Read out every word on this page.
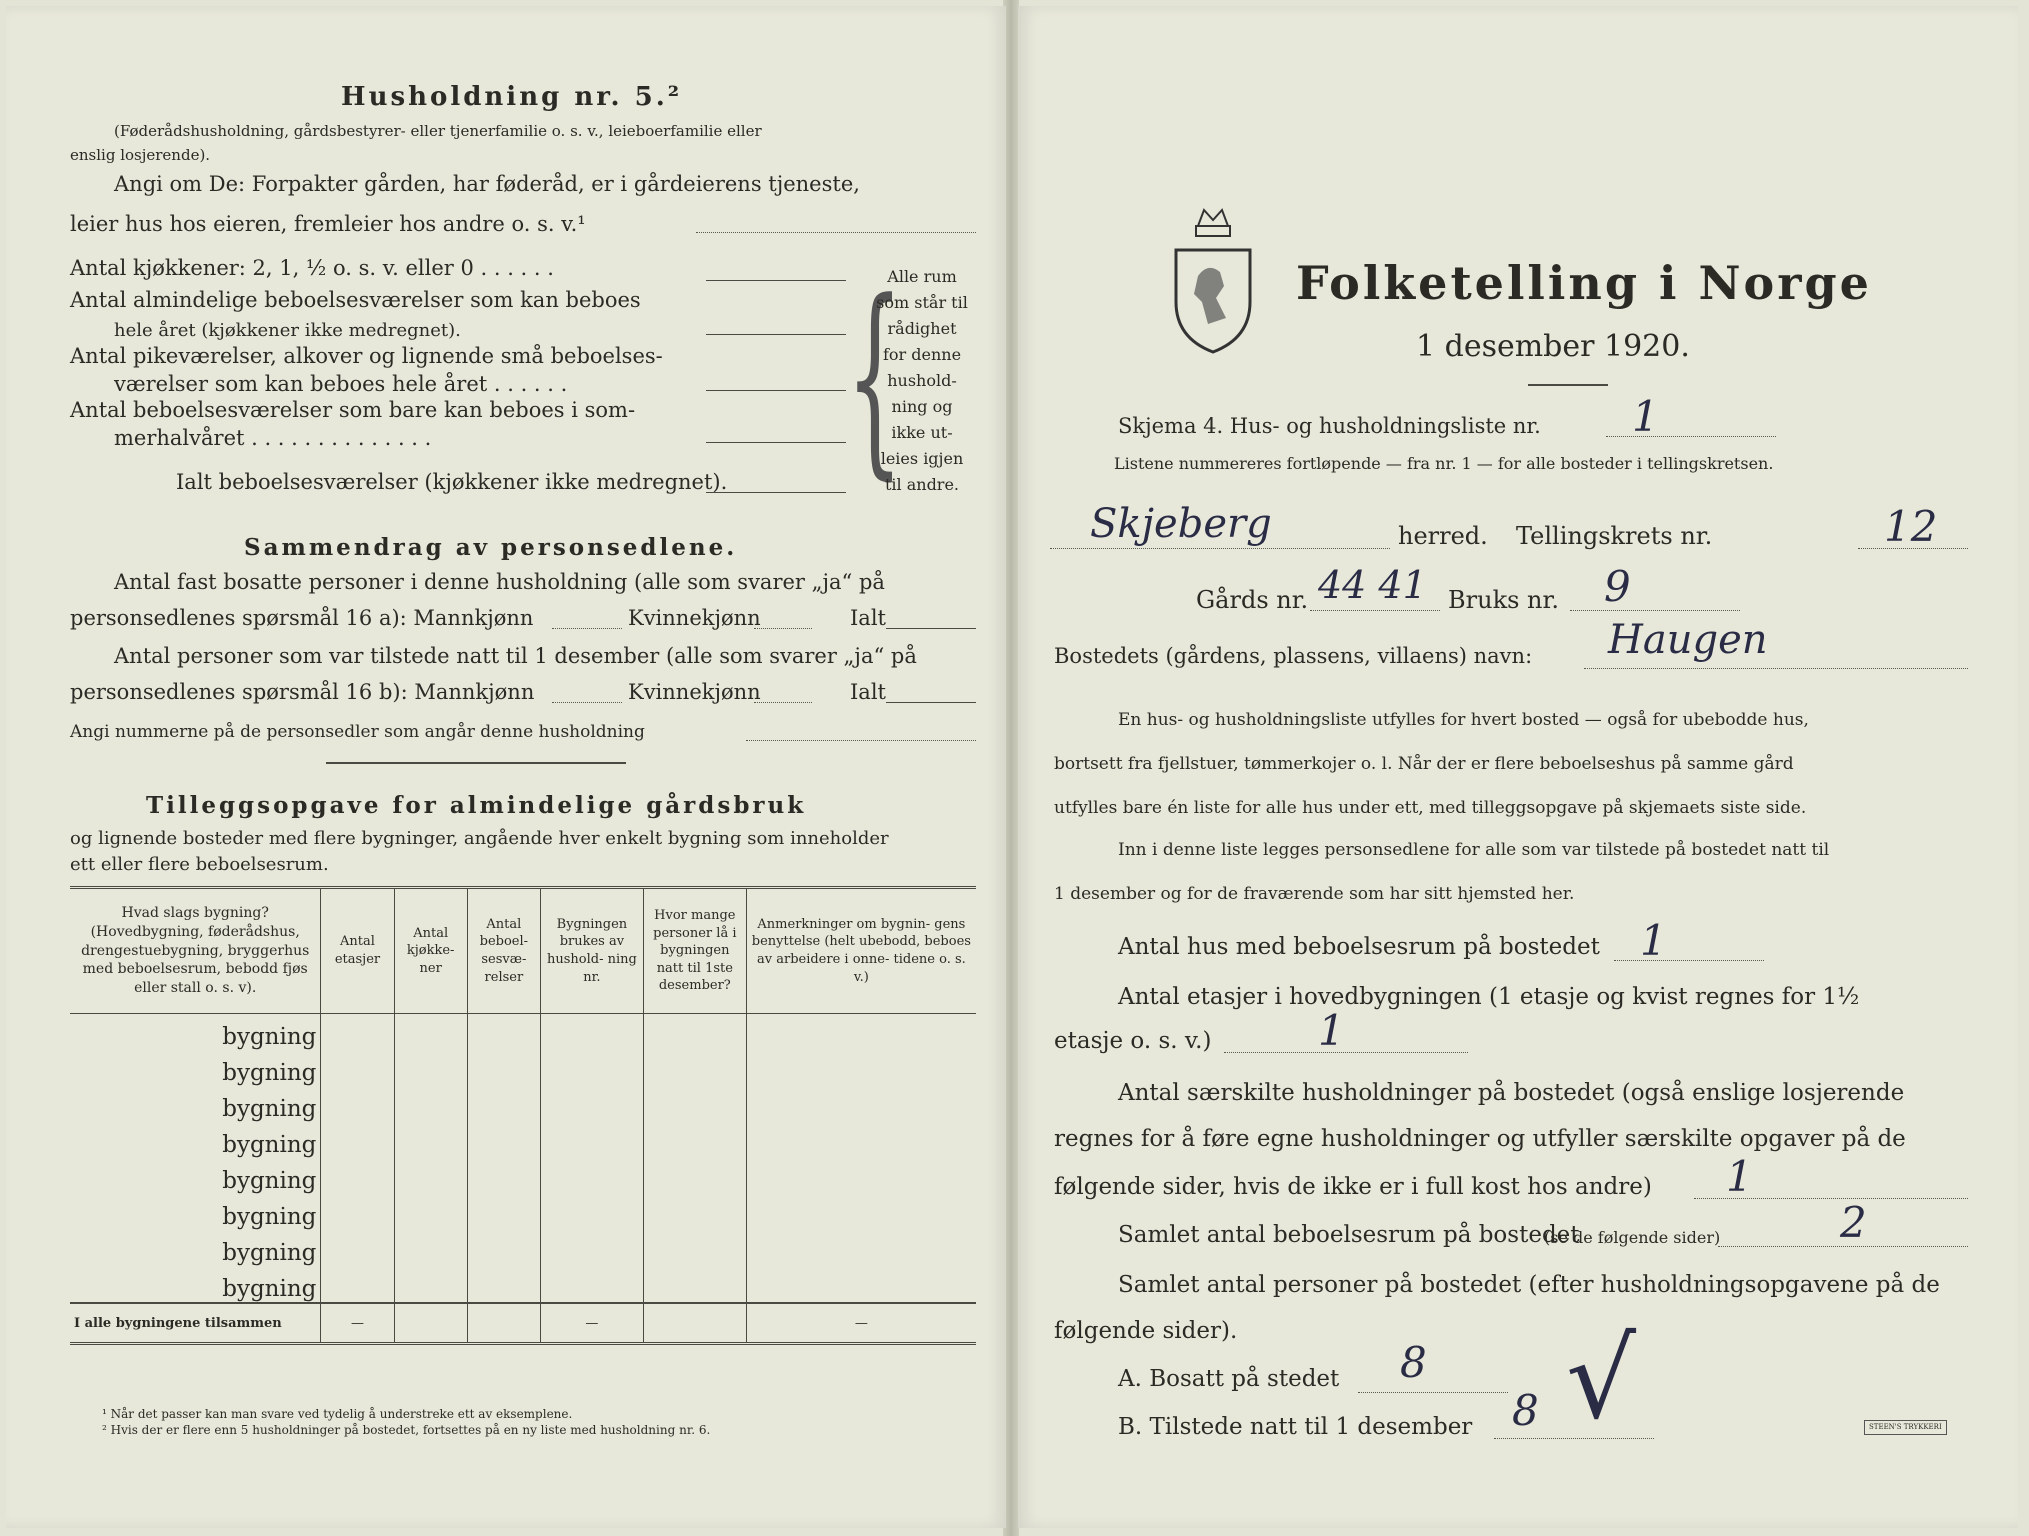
Husholdning nr. 5.²
(Føderådshusholdning, gårdsbestyrer- eller tjenerfamilie o. s. v., leieboerfamilie eller
enslig losjerende).
Angi om De: Forpakter gården, har føderåd, er i gårdeierens tjeneste,
leier hus hos eieren, fremleier hos andre o. s. v.¹
Antal kjøkkener: 2, 1, ½ o. s. v. eller 0 . . . . . .
Antal almindelige beboelsesværelser som kan beboes
hele året (kjøkkener ikke medregnet).
Antal pikeværelser, alkover og lignende små beboelses-
værelser som kan beboes hele året . . . . . .
Antal beboelsesværelser som bare kan beboes i som-
merhalvåret . . . . . . . . . . . . . .
Ialt beboelsesværelser (kjøkkener ikke medregnet). {
Alle rum
som står til
rådighet
for denne
hushold-
ning og
ikke ut-
leies igjen
til andre.
Sammendrag av personsedlene.
Antal fast bosatte personer i denne husholdning (alle som svarer „ja“ på
personsedlenes spørsmål 16 a): Mannkjønn	Kvinnekjønn	Ialt
Antal personer som var tilstede natt til 1 desember (alle som svarer „ja“ på
personsedlenes spørsmål 16 b): Mannkjønn	Kvinnekjønn	Ialt
Angi nummerne på de personsedler som angår denne husholdning
Tilleggsopgave for almindelige gårdsbruk
og lignende bosteder med flere bygninger, angående hver enkelt bygning som inneholder
ett eller flere beboelsesrum.
Hvad slags bygning?
(Hovedbygning, føderådshus, drengestuebygning, bryggerhus med beboelsesrum, bebodd fjøs eller stall o. s. v).	Antal etasjer	Antal kjøkke- ner	Antal beboel- sesvæ- relser	Bygningen brukes av hushold- ning nr.	Hvor mange personer lå i bygningen natt til 1ste desember?	Anmerkninger om bygnin- gens benyttelse (helt ubebodd, beboes av arbeidere i onne- tidene o. s. v.)
bygning						
bygning						
bygning						
bygning						
bygning						
bygning						
bygning						
bygning						
I alle bygningene tilsammen	—			—		—
¹ Når det passer kan man svare ved tydelig å understreke ett av eksemplene.
² Hvis der er flere enn 5 husholdninger på bostedet, fortsettes på en ny liste med husholdning nr. 6.
Folketelling i Norge
1 desember 1920.
Skjema 4. Hus- og husholdningsliste nr. 1
Listene nummereres fortløpende — fra nr. 1 — for alle bosteder i tellingskretsen.
Skjeberg	herred. Tellingskrets nr.	12
Gårds nr. 44 41 Bruks nr. 9
Bostedets (gårdens, plassens, villaens) navn: Haugen
En hus- og husholdningsliste utfylles for hvert bosted — også for ubebodde hus,
bortsett fra fjellstuer, tømmerkojer o. l. Når der er flere beboelseshus på samme gård
utfylles bare én liste for alle hus under ett, med tilleggsopgave på skjemaets siste side.
Inn i denne liste legges personsedlene for alle som var tilstede på bostedet natt til
1 desember og for de fraværende som har sitt hjemsted her.
Antal hus med beboelsesrum på bostedet 1
Antal etasjer i hovedbygningen (1 etasje og kvist regnes for 1½
etasje o. s. v.)	1
Antal særskilte husholdninger på bostedet (også enslige losjerende
regnes for å føre egne husholdninger og utfyller særskilte opgaver på de
følgende sider, hvis de ikke er i full kost hos andre) 1
Samlet antal beboelsesrum på bostedet
(se de følgende sider)	2
Samlet antal personer på bostedet (efter husholdningsopgavene på de
følgende sider).
A. Bosatt på stedet 8
B. Tilstede natt til 1 desember 8 √	STEEN'S TRYKKERI
